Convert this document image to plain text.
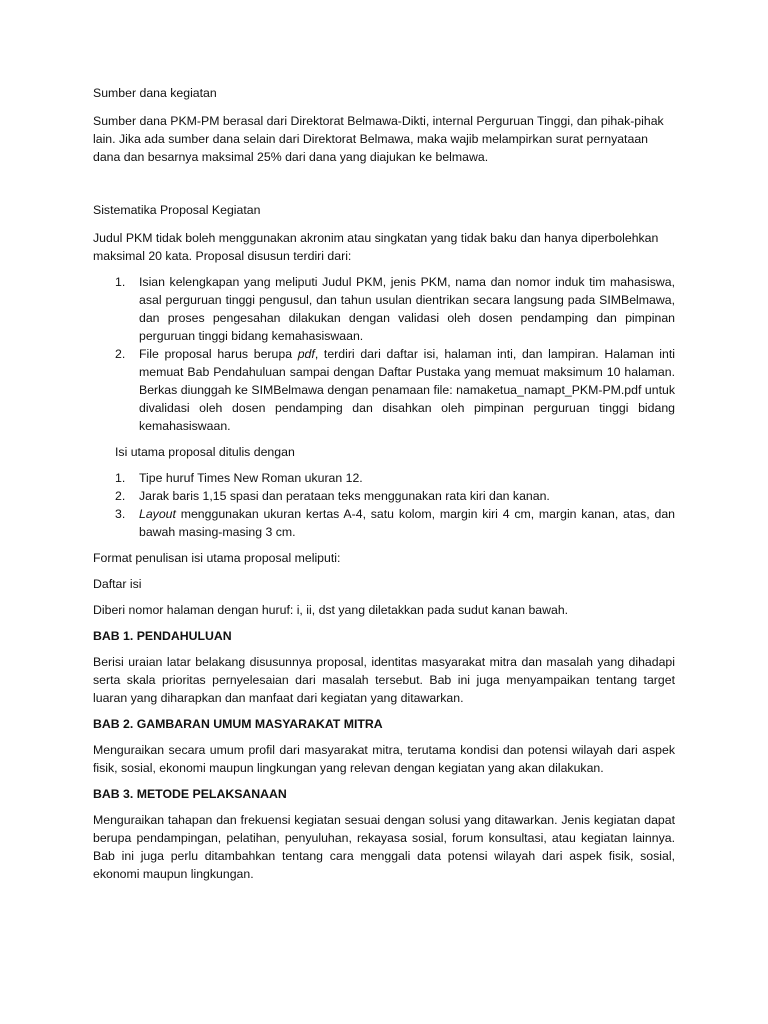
Sumber dana kegiatan

Sumber dana PKM-PM berasal dari Direktorat Belmawa-Dikti, internal Perguruan Tinggi, dan pihak-pihak lain. Jika ada sumber dana selain dari Direktorat Belmawa, maka wajib melampirkan surat pernyataan dana dan besarnya maksimal 25% dari dana yang diajukan ke belmawa.

Sistematika Proposal Kegiatan

Judul PKM tidak boleh menggunakan akronim atau singkatan yang tidak baku dan hanya diperbolehkan maksimal 20 kata. Proposal disusun terdiri dari:

1. Isian kelengkapan yang meliputi Judul PKM, jenis PKM, nama dan nomor induk tim mahasiswa, asal perguruan tinggi pengusul, dan tahun usulan dientrikan secara langsung pada SIMBelmawa, dan proses pengesahan dilakukan dengan validasi oleh dosen pendamping dan pimpinan perguruan tinggi bidang kemahasiswaan.
2. File proposal harus berupa pdf, terdiri dari daftar isi, halaman inti, dan lampiran. Halaman inti memuat Bab Pendahuluan sampai dengan Daftar Pustaka yang memuat maksimum 10 halaman. Berkas diunggah ke SIMBelmawa dengan penamaan file: namaketua_namapt_PKM-PM.pdf untuk divalidasi oleh dosen pendamping dan disahkan oleh pimpinan perguruan tinggi bidang kemahasiswaan.

Isi utama proposal ditulis dengan

1. Tipe huruf Times New Roman ukuran 12.
2. Jarak baris 1,15 spasi dan perataan teks menggunakan rata kiri dan kanan.
3. Layout menggunakan ukuran kertas A-4, satu kolom, margin kiri 4 cm, margin kanan, atas, dan bawah masing-masing 3 cm.

Format penulisan isi utama proposal meliputi:

Daftar isi

Diberi nomor halaman dengan huruf: i, ii, dst yang diletakkan pada sudut kanan bawah.

BAB 1. PENDAHULUAN

Berisi uraian latar belakang disusunnya proposal, identitas masyarakat mitra dan masalah yang dihadapi serta skala prioritas pernyelesaian dari masalah tersebut. Bab ini juga menyampaikan tentang target luaran yang diharapkan dan manfaat dari kegiatan yang ditawarkan.

BAB 2. GAMBARAN UMUM MASYARAKAT MITRA

Menguraikan secara umum profil dari masyarakat mitra, terutama kondisi dan potensi wilayah dari aspek fisik, sosial, ekonomi maupun lingkungan yang relevan dengan kegiatan yang akan dilakukan.

BAB 3. METODE PELAKSANAAN

Menguraikan tahapan dan frekuensi kegiatan sesuai dengan solusi yang ditawarkan. Jenis kegiatan dapat berupa pendampingan, pelatihan, penyuluhan, rekayasa sosial, forum konsultasi, atau kegiatan lainnya. Bab ini juga perlu ditambahkan tentang cara menggali data potensi wilayah dari aspek fisik, sosial, ekonomi maupun lingkungan.
